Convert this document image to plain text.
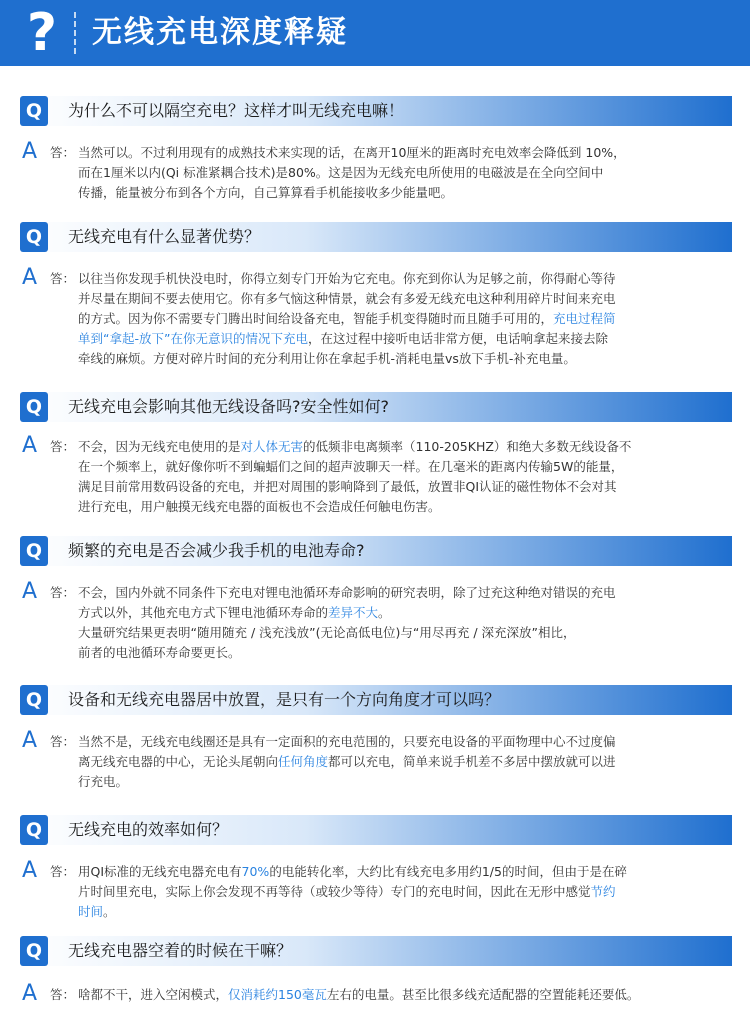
? 无线充电深度释疑
Q	为什么不可以隔空充电？这样才叫无线充电嘛！
A	答： 当然可以。不过利用现有的成熟技术来实现的话，在离开10厘米的距离时充电效率会降低到 10%，

而在1厘米以内(Qi 标准紧耦合技术)是80%。这是因为无线充电所使用的电磁波是在全向空间中

传播，能量被分布到各个方向，自己算算看手机能接收多少能量吧。

Q	无线充电有什么显著优势？
A	答： 以往当你发现手机快没电时，你得立刻专门开始为它充电。你充到你认为足够之前，你得耐心等待

并尽量在期间不要去使用它。你有多气恼这种情景，就会有多爱无线充电这种利用碎片时间来充电

的方式。因为你不需要专门腾出时间给设备充电，智能手机变得随时而且随手可用的，充电过程简

单到“拿起-放下”在你无意识的情况下充电，在这过程中接听电话非常方便，电话响拿起来接去除

牵线的麻烦。方便对碎片时间的充分利用让你在拿起手机-消耗电量vs放下手机-补充电量。

Q	无线充电会影响其他无线设备吗?安全性如何?
A	答： 不会，因为无线充电使用的是对人体无害的低频非电离频率（110-205KHZ）和绝大多数无线设备不

在一个频率上，就好像你听不到蝙蝠们之间的超声波聊天一样。在几毫米的距离内传输5W的能量，

满足目前常用数码设备的充电，并把对周围的影响降到了最低，放置非QI认证的磁性物体不会对其

进行充电，用户触摸无线充电器的面板也不会造成任何触电伤害。

Q	频繁的充电是否会减少我手机的电池寿命?
A	答： 不会，国内外就不同条件下充电对锂电池循环寿命影响的研究表明，除了过充这种绝对错误的充电

方式以外，其他充电方式下锂电池循环寿命的差异不大。

大量研究结果更表明“随用随充 / 浅充浅放”(无论高低电位)与“用尽再充 / 深充深放”相比，

前者的电池循环寿命要更长。

Q	设备和无线充电器居中放置，是只有一个方向角度才可以吗？
A	答： 当然不是，无线充电线圈还是具有一定面积的充电范围的，只要充电设备的平面物理中心不过度偏

离无线充电器的中心，无论头尾朝向任何角度都可以充电，简单来说手机差不多居中摆放就可以进

行充电。

Q	无线充电的效率如何？
A	答： 用QI标准的无线充电器充电有70%的电能转化率，大约比有线充电多用约1/5的时间，但由于是在碎

片时间里充电，实际上你会发现不再等待（或较少等待）专门的充电时间，因此在无形中感觉节约

时间。

Q	无线充电器空着的时候在干嘛？
A	答： 啥都不干，进入空闲模式，仅消耗约150毫瓦左右的电量。甚至比很多线充适配器的空置能耗还要低。
